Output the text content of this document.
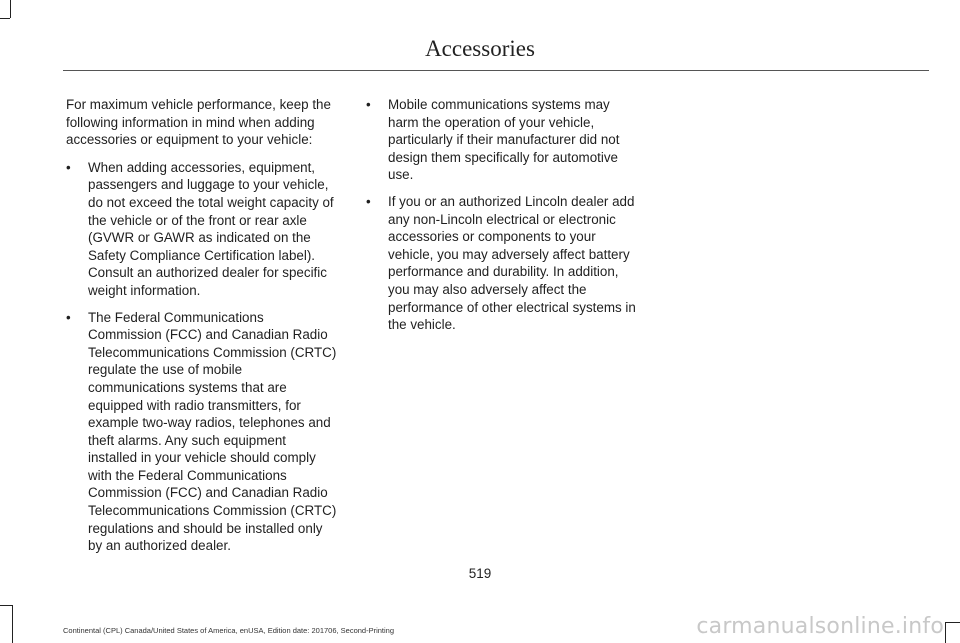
Accessories

For maximum vehicle performance, keep the following information in mind when adding accessories or equipment to your vehicle:

•	When adding accessories, equipment, passengers and luggage to your vehicle, do not exceed the total weight capacity of the vehicle or of the front or rear axle (GVWR or GAWR as indicated on the Safety Compliance Certification label). Consult an authorized dealer for specific weight information.
•	The Federal Communications Commission (FCC) and Canadian Radio Telecommunications Commission (CRTC) regulate the use of mobile communications systems that are equipped with radio transmitters, for example two-way radios, telephones and theft alarms. Any such equipment installed in your vehicle should comply with the Federal Communications Commission (FCC) and Canadian Radio Telecommunications Commission (CRTC) regulations and should be installed only by an authorized dealer.
•	Mobile communications systems may harm the operation of your vehicle, particularly if their manufacturer did not design them specifically for automotive use.
•	If you or an authorized Lincoln dealer add any non-Lincoln electrical or electronic accessories or components to your vehicle, you may adversely affect battery performance and durability. In addition, you may also adversely affect the performance of other electrical systems in the vehicle.
519
Continental (CPL) Canada/United States of America, enUSA, Edition date: 201706, Second-Printing	carmanualsonline.info
